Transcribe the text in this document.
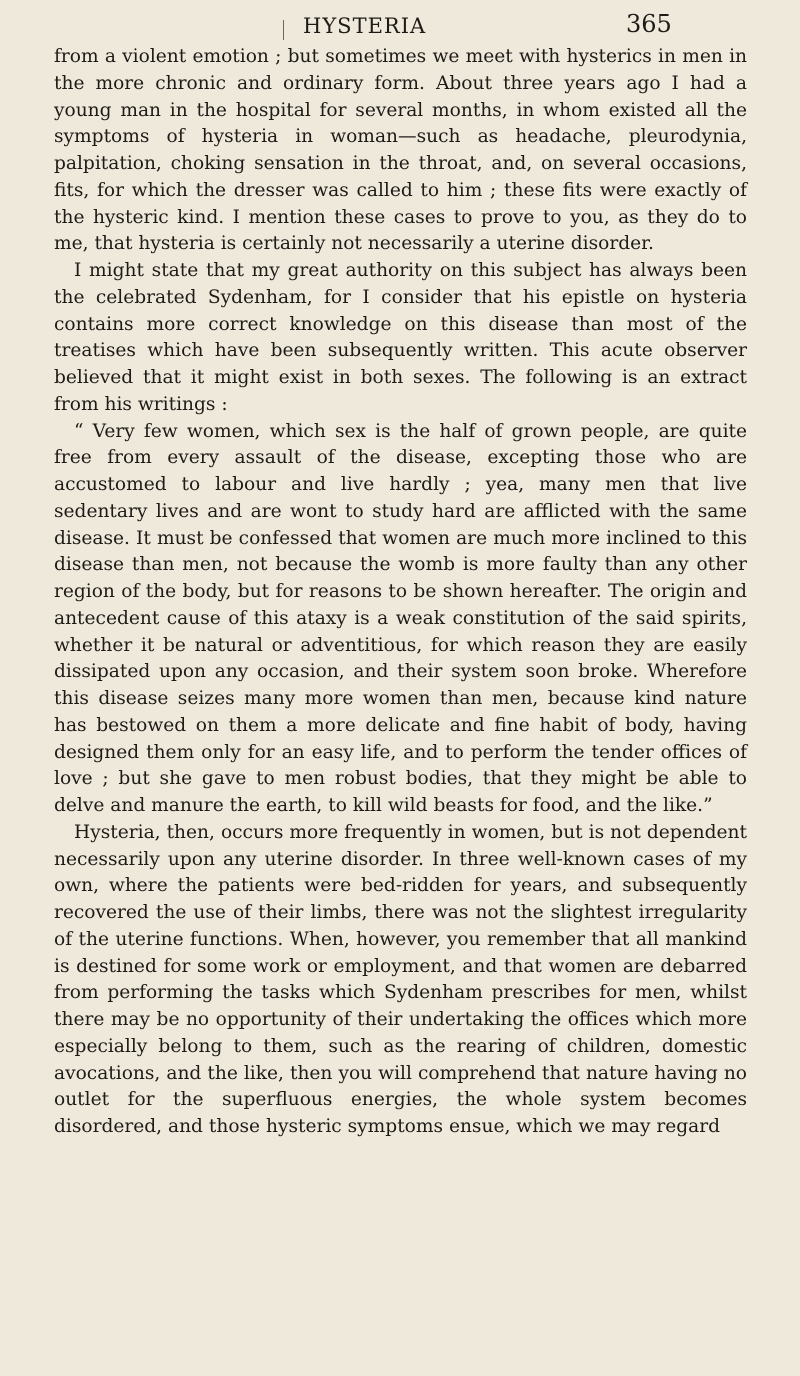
HYSTERIA	365

from a violent emotion ; but sometimes we meet with hysterics in men in the more chronic and ordinary form. About three years ago I had a young man in the hospital for several months, in whom existed all the symptoms of hysteria in woman—such as headache, pleurodynia, palpitation, choking sensation in the throat, and, on several occasions, fits, for which the dresser was called to him ; these fits were exactly of the hysteric kind. I mention these cases to prove to you, as they do to me, that hysteria is certainly not necessarily a uterine disorder.

I might state that my great authority on this subject has always been the celebrated Sydenham, for I consider that his epistle on hysteria contains more correct knowledge on this disease than most of the treatises which have been subsequently written. This acute observer believed that it might exist in both sexes. The following is an extract from his writings :

“ Very few women, which sex is the half of grown people, are quite free from every assault of the disease, excepting those who are accustomed to labour and live hardly ; yea, many men that live sedentary lives and are wont to study hard are afflicted with the same disease. It must be confessed that women are much more inclined to this disease than men, not because the womb is more faulty than any other region of the body, but for reasons to be shown hereafter. The origin and antecedent cause of this ataxy is a weak constitution of the said spirits, whether it be natural or adventitious, for which reason they are easily dissipated upon any occasion, and their system soon broke. Wherefore this disease seizes many more women than men, because kind nature has bestowed on them a more delicate and fine habit of body, having designed them only for an easy life, and to perform the tender offices of love ; but she gave to men robust bodies, that they might be able to delve and manure the earth, to kill wild beasts for food, and the like.”

Hysteria, then, occurs more frequently in women, but is not dependent necessarily upon any uterine disorder. In three well-known cases of my own, where the patients were bed-ridden for years, and subsequently recovered the use of their limbs, there was not the slightest irregularity of the uterine functions. When, however, you remember that all mankind is destined for some work or employment, and that women are debarred from performing the tasks which Sydenham prescribes for men, whilst there may be no opportunity of their undertaking the offices which more especially belong to them, such as the rearing of children, domestic avocations, and the like, then you will comprehend that nature having no outlet for the superfluous energies, the whole system becomes disordered, and those hysteric symptoms ensue, which we may regard
